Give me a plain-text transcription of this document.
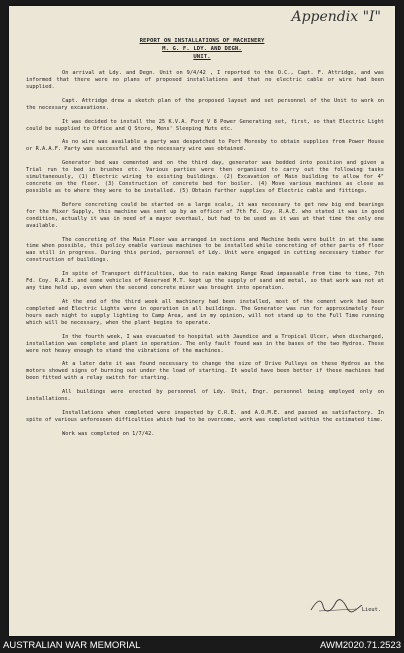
Appendix "I"
REPORT ON INSTALLATIONS OF MACHINERY
M. G. F. LDY. AND DEGN.
UNIT.

On arrival at Ldy. and Degn. Unit on 9/4/42 , I reported to the O.C., Capt. F. Attridge, and was informed that there were no plans of proposed installations and that no electric cable or wire had been supplied.

Capt. Attridge drew a sketch plan of the proposed layout and set personnel of the Unit to work on the necessary excavations.

It was decided to install the 25 K.V.A. Ford V 8 Power Generating set, first, so that Electric Light could be supplied to Office and Q Store, Mens' Sleeping Huts etc.

As no wire was available a party was despatched to Port Moresby to obtain supplies from Power House or R.A.A.F. Party was successful and the necessary wire was obtained.

Generator bed was cemented and on the third day, generator was bedded into position and given a Trial run to bed in brushes etc. Various parties were then organised to carry out the following tasks simultaneously, (1) Electric wiring to existing buildings. (2) Excavation of Main building to allow for 4" concrete on the floor. (3) Construction of concrete bed for boiler. (4) Move various machines as close as possible as to where they were to be installed. (5) Obtain further supplies of Electric cable and fittings.

Before concreting could be started on a large scale, it was necessary to get new big end bearings for the Mixer Supply, this machine was sent up by an officer of 7th Fd. Coy. R.A.E. who stated it was in good condition, actually it was in need of a mayor overhaul, but had to be used as it was at that time the only one available.

The concreting of the Main Floor was arranged in sections and Machine beds were built in at the same time when possible, this policy enable various machines to be installed while concreting of other parts of floor was still in progress. During this period, personnel of Ldy. Unit were engaged in cutting necessary timber for construction of buildings.

In spite of Transport difficulties, due to rain making Range Road impassable from time to time, 7th Fd. Coy. R.A.E. and some vehicles of Reserved M.T. kept up the supply of sand and metal, so that work was not at any time held up, even when the second concrete mixer was brought into operation.

At the end of the third week all machinery had been installed, most of the cement work had been completed and Electric Lights were in operation in all buildings. The Generator was run for approximately four hours each night to supply lighting to Camp Area, and in my opinion, will not stand up to the Full Time running which will be necessary, when the plant begins to operate.

In the fourth week, I was evacuated to hospital with Jaundice and a Tropical Ulcer, when discharged, installation was complete and plant in operation. The only fault found was in the bases of the two Hydros. These were not heavy enough to stand the vibrations of the machines.

At a later date it was found necessary to change the size of Drive Pulleys on these Hydros as the motors showed signs of burning out under the load of starting. It would have been better if these machines had been fitted with a relay switch for starting.

All buildings were erected by personnel of Ldy. Unit, Engr. personnel being employed only on installations.

Installations when completed were inspected by C.R.E. and A.O.M.E. and passed as satisfactory. In spite of various unforeseen difficulties which had to be overcome, work was completed within the estimated time.

Work was completed on 1/7/42.

Lieut.
AUSTRALIAN WAR MEMORIAL	AWM2020.71.2523
